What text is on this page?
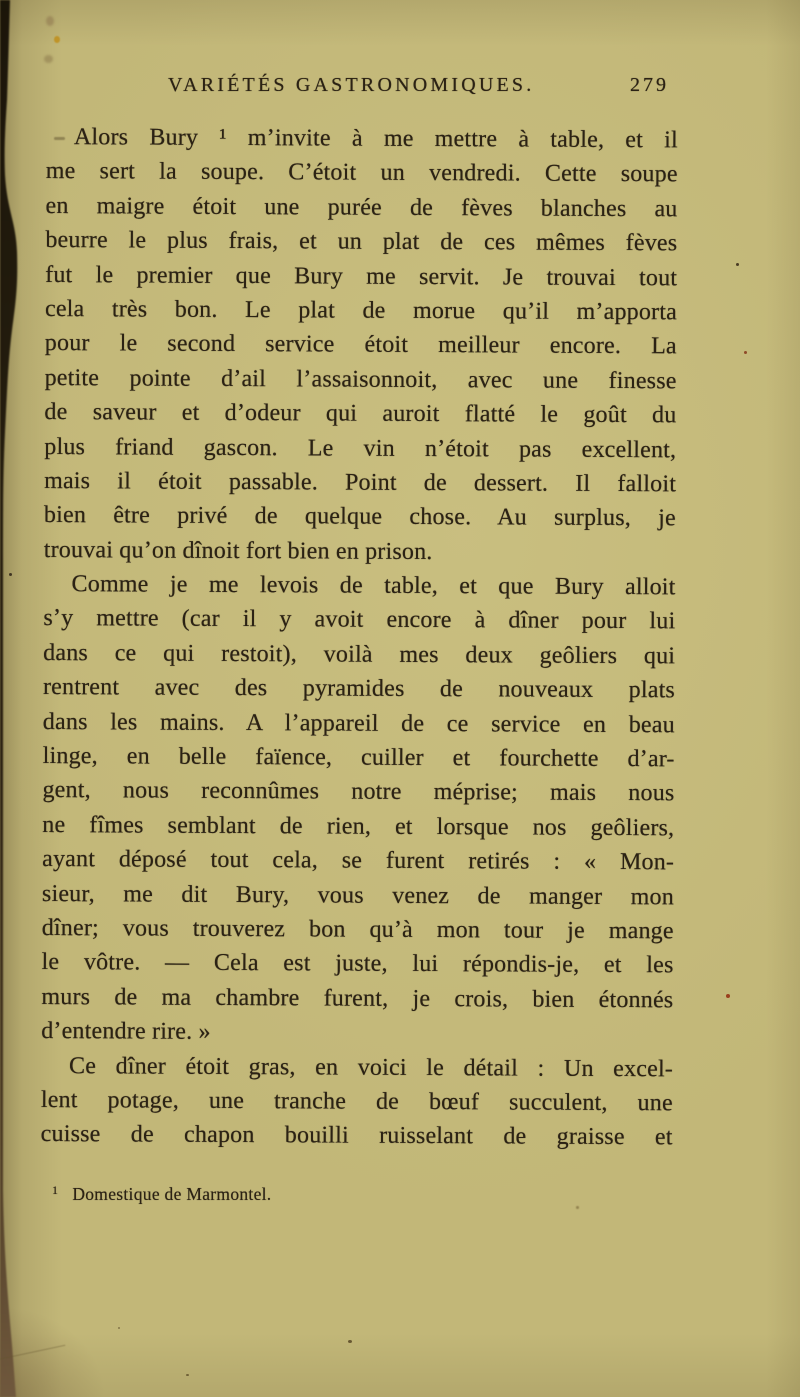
VARIÉTÉS GASTRONOMIQUES.	279
Alors Bury ¹ m’invite à me mettre à table, et il
me sert la soupe. C’étoit un vendredi. Cette soupe
en maigre étoit une purée de fèves blanches au
beurre le plus frais, et un plat de ces mêmes fèves
fut le premier que Bury me servit. Je trouvai tout
cela très bon. Le plat de morue qu’il m’apporta
pour le second service étoit meilleur encore. La
petite pointe d’ail l’assaisonnoit, avec une finesse
de saveur et d’odeur qui auroit flatté le goût du
plus friand gascon. Le vin n’étoit pas excellent,
mais il étoit passable. Point de dessert. Il falloit
bien être privé de quelque chose. Au surplus, je
trouvai qu’on dînoit fort bien en prison.
Comme je me levois de table, et que Bury alloit
s’y mettre (car il y avoit encore à dîner pour lui
dans ce qui restoit), voilà mes deux geôliers qui
rentrent avec des pyramides de nouveaux plats
dans les mains. A l’appareil de ce service en beau
linge, en belle faïence, cuiller et fourchette d’ar-
gent, nous reconnûmes notre méprise; mais nous
ne fîmes semblant de rien, et lorsque nos geôliers,
ayant déposé tout cela, se furent retirés : « Mon-
sieur, me dit Bury, vous venez de manger mon
dîner; vous trouverez bon qu’à mon tour je mange
le vôtre. — Cela est juste, lui répondis-je, et les
murs de ma chambre furent, je crois, bien étonnés
d’entendre rire. »
Ce dîner étoit gras, en voici le détail : Un excel-
lent potage, une tranche de bœuf succulent, une
cuisse de chapon bouilli ruisselant de graisse et
1 Domestique de Marmontel.
